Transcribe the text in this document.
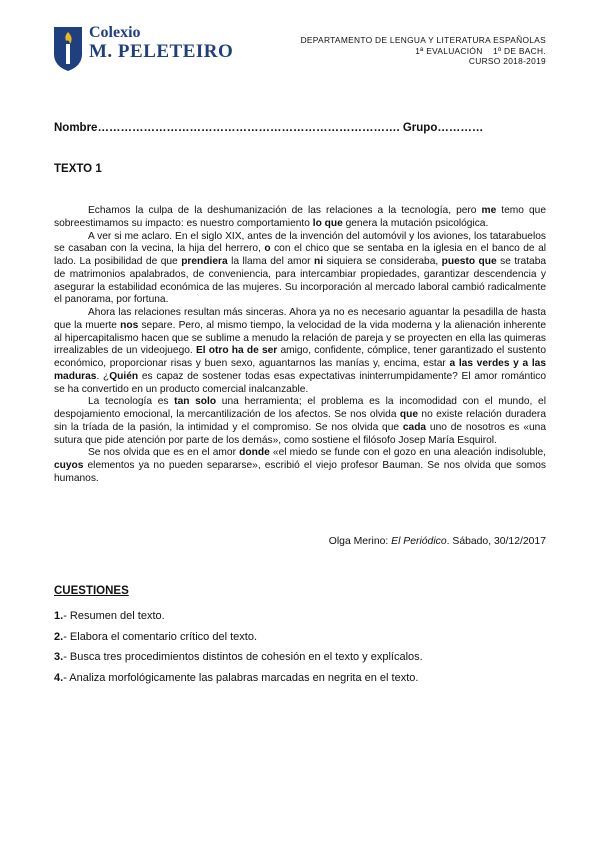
Colexio
M. PELETEIRO
DEPARTAMENTO DE LENGUA Y LITERATURA ESPAÑOLAS
1ª EVALUACIÓN 1º DE BACH.
CURSO 2018-2019
Nombre……………………………………………………………………. Grupo…………
TEXTO 1

Echamos la culpa de la deshumanización de las relaciones a la tecnología, pero me temo que sobreestimamos su impacto: es nuestro comportamiento lo que genera la mutación psicológica.

A ver si me aclaro. En el siglo XIX, antes de la invención del automóvil y los aviones, los tatarabuelos se casaban con la vecina, la hija del herrero, o con el chico que se sentaba en la iglesia en el banco de al lado. La posibilidad de que prendiera la llama del amor ni siquiera se consideraba, puesto que se trataba de matrimonios apalabrados, de conveniencia, para intercambiar propiedades, garantizar descendencia y asegurar la estabilidad económica de las mujeres. Su incorporación al mercado laboral cambió radicalmente el panorama, por fortuna.

Ahora las relaciones resultan más sinceras. Ahora ya no es necesario aguantar la pesadilla de hasta que la muerte nos separe. Pero, al mismo tiempo, la velocidad de la vida moderna y la alienación inherente al hipercapitalismo hacen que se sublime a menudo la relación de pareja y se proyecten en ella las quimeras irrealizables de un videojuego. El otro ha de ser amigo, confidente, cómplice, tener garantizado el sustento económico, proporcionar risas y buen sexo, aguantarnos las manías y, encima, estar a las verdes y a las maduras. ¿Quién es capaz de sostener todas esas expectativas ininterrumpidamente? El amor romántico se ha convertido en un producto comercial inalcanzable.

La tecnología es tan solo una herramienta; el problema es la incomodidad con el mundo, el despojamiento emocional, la mercantilización de los afectos. Se nos olvida que no existe relación duradera sin la tríada de la pasión, la intimidad y el compromiso. Se nos olvida que cada uno de nosotros es «una sutura que pide atención por parte de los demás», como sostiene el filósofo Josep María Esquirol.

Se nos olvida que es en el amor donde «el miedo se funde con el gozo en una aleación indisoluble, cuyos elementos ya no pueden separarse», escribió el viejo profesor Bauman. Se nos olvida que somos humanos.

Olga Merino: El Periódico. Sábado, 30/12/2017
CUESTIONES
1.- Resumen del texto.
2.- Elabora el comentario crítico del texto.
3.- Busca tres procedimientos distintos de cohesión en el texto y explícalos.
4.- Analiza morfológicamente las palabras marcadas en negrita en el texto.
